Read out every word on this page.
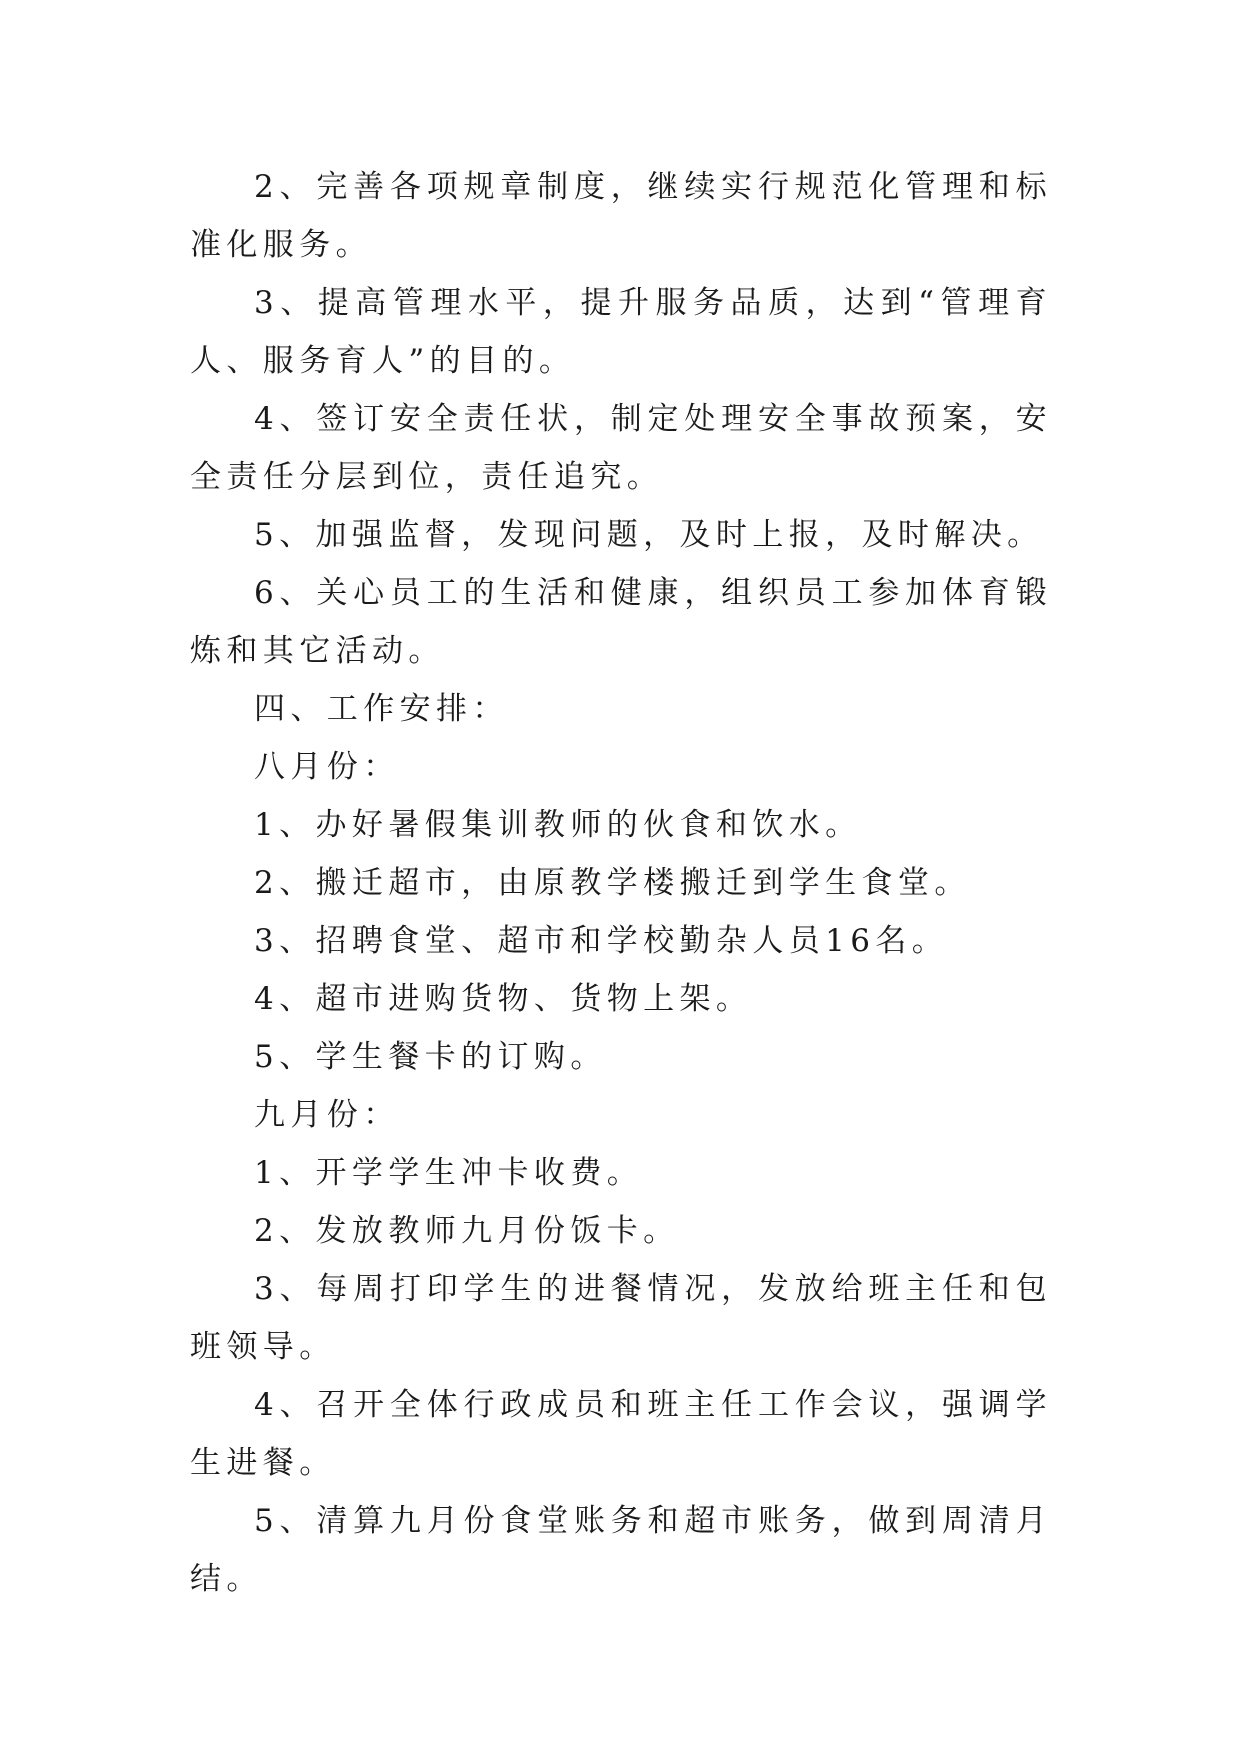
2、完善各项规章制度，继续实行规范化管理和标准化服务。

3、提高管理水平，提升服务品质，达到“管理育人、服务育人”的目的。

4、签订安全责任状，制定处理安全事故预案，安全责任分层到位，责任追究。

5、加强监督，发现问题，及时上报，及时解决。

6、关心员工的生活和健康，组织员工参加体育锻炼和其它活动。

四、工作安排：

八月份：

1、办好暑假集训教师的伙食和饮水。

2、搬迁超市，由原教学楼搬迁到学生食堂。

3、招聘食堂、超市和学校勤杂人员16名。

4、超市进购货物、货物上架。

5、学生餐卡的订购。

九月份：

1、开学学生冲卡收费。

2、发放教师九月份饭卡。

3、每周打印学生的进餐情况，发放给班主任和包班领导。

4、召开全体行政成员和班主任工作会议，强调学生进餐。

5、清算九月份食堂账务和超市账务，做到周清月结。
